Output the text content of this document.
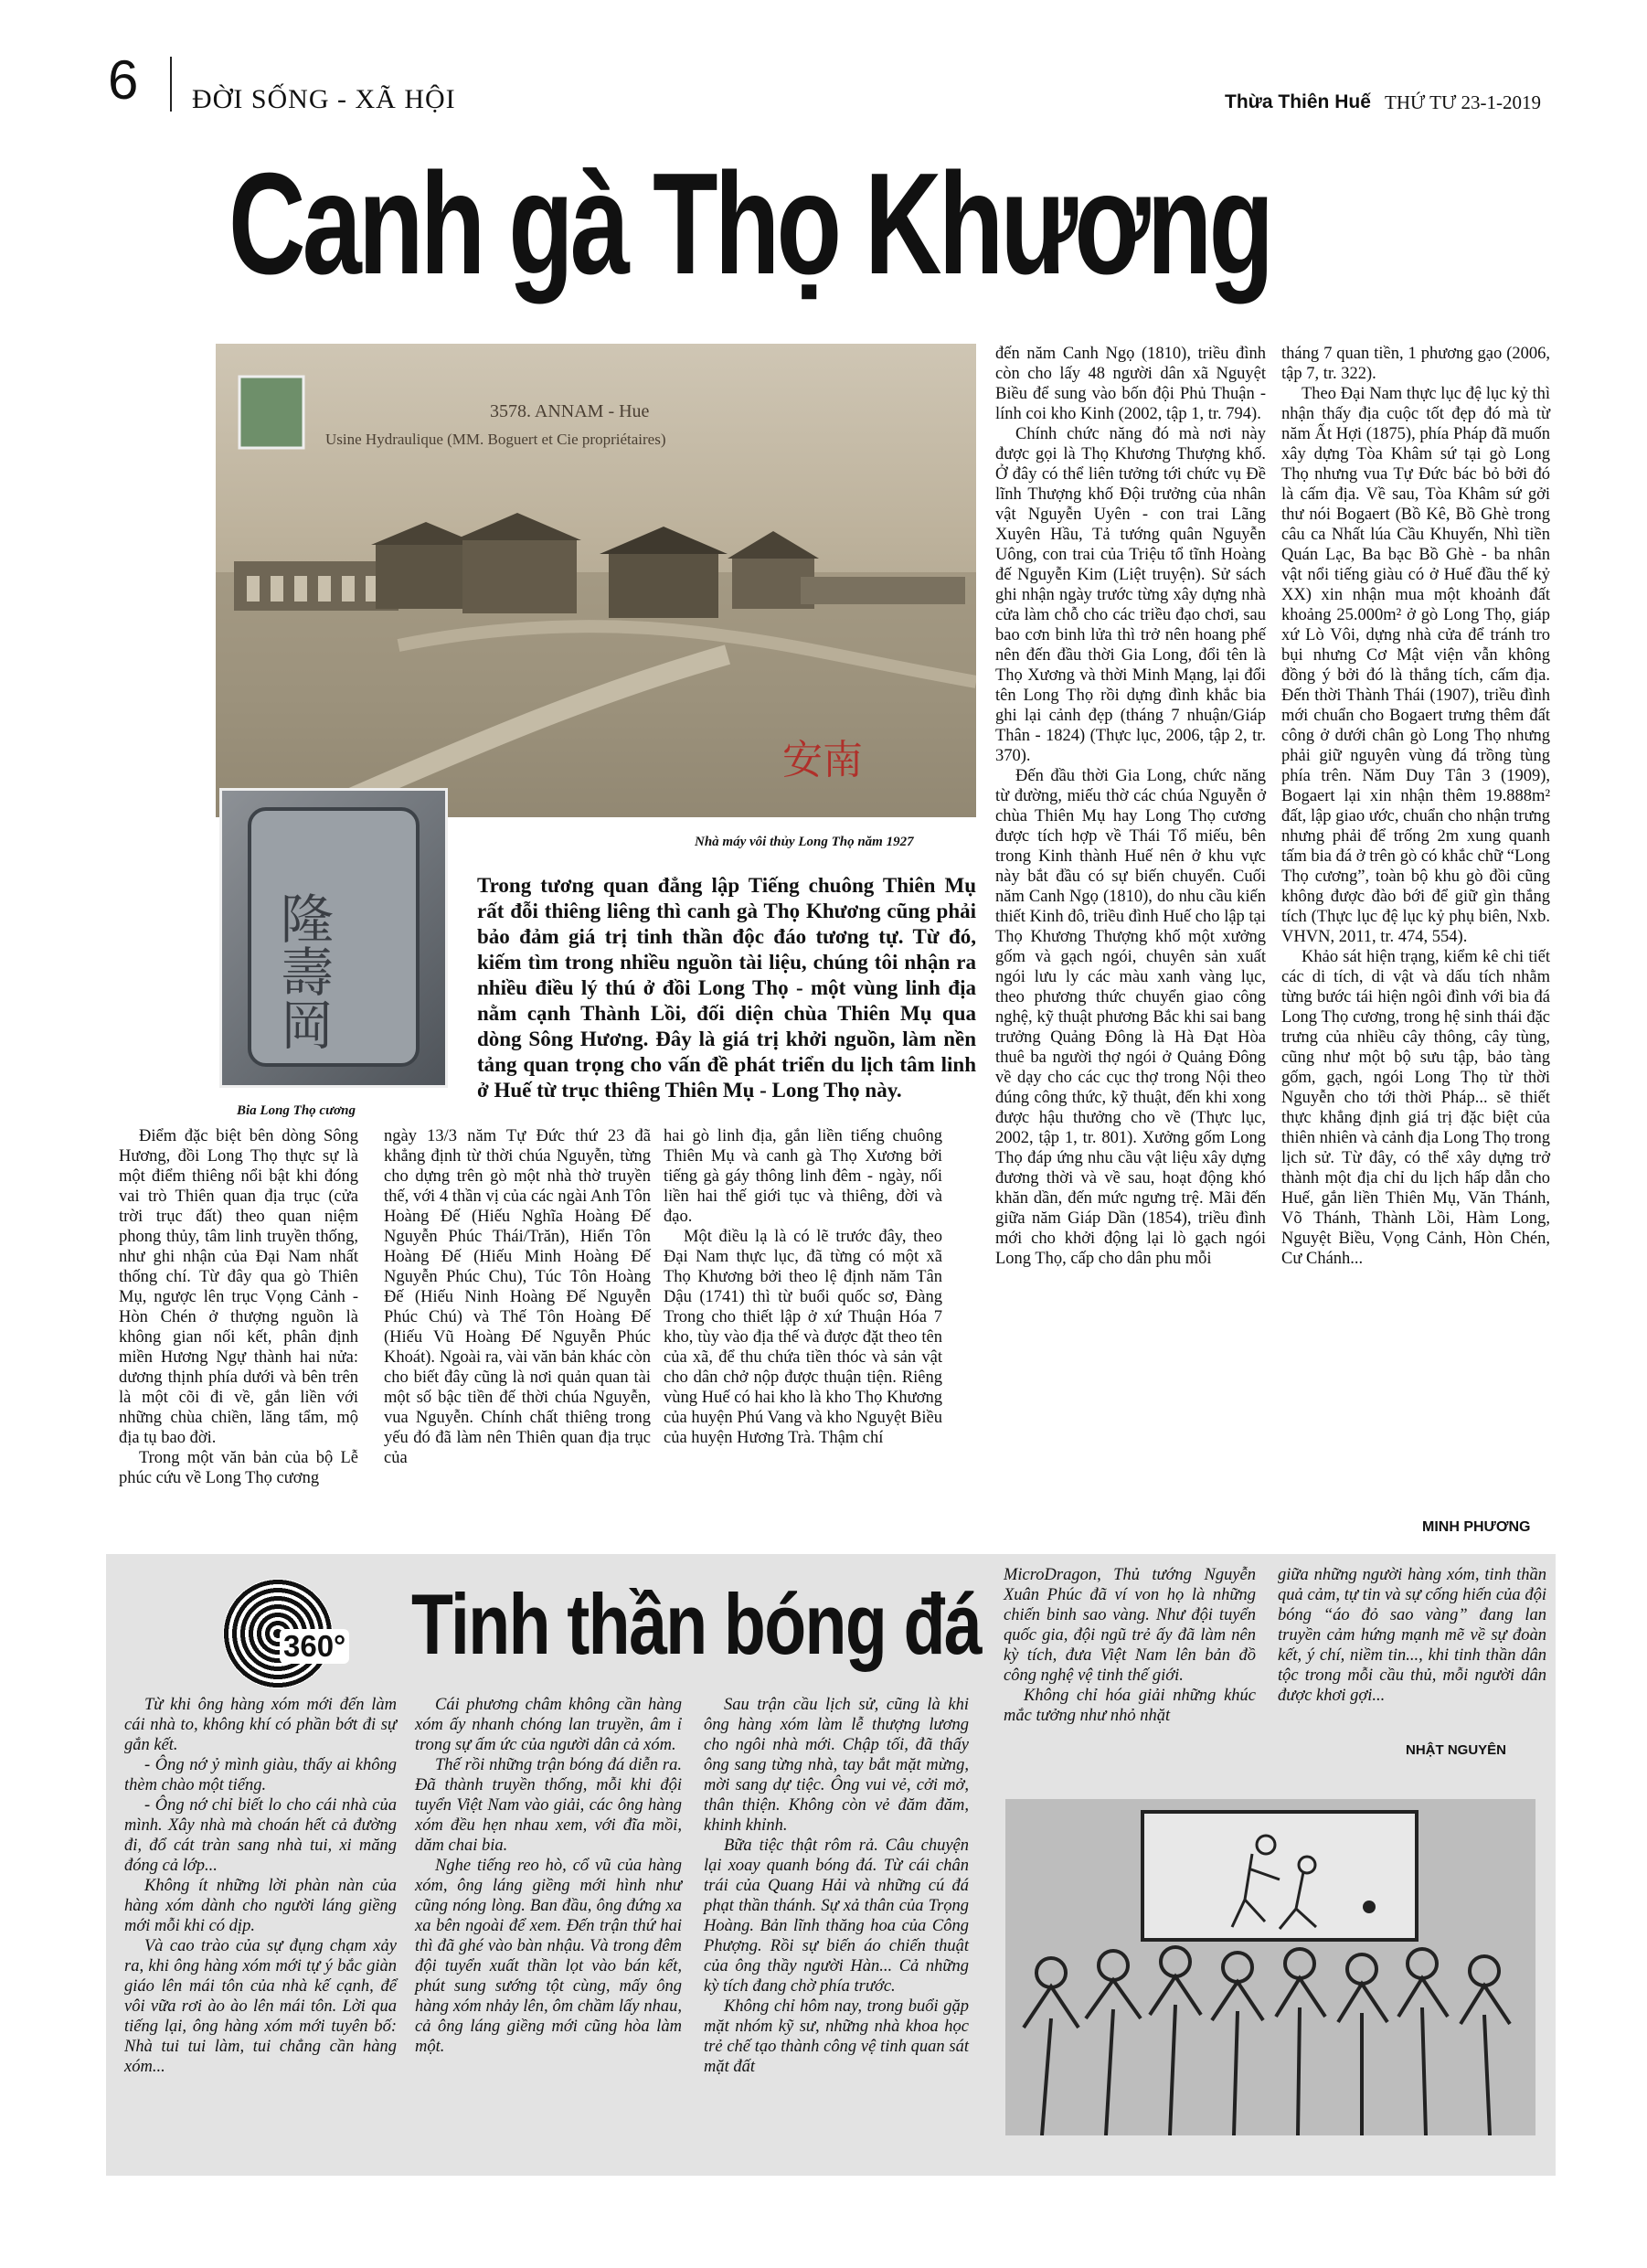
6 ĐỜI SỐNG - XÃ HỘI	Thừa Thiên Huế THỨ TƯ 23-1-2019
Canh gà Thọ Khương
3578. ANNAM - Hue
Usine Hydraulique (MM. Boguert et Cie propriétaires)
安南
Nhà máy vôi thủy Long Thọ năm 1927
隆壽岡
Bia Long Thọ cương
Trong tương quan đẳng lập Tiếng chuông Thiên Mụ rất đỗi thiêng liêng thì canh gà Thọ Khương cũng phải bảo đảm giá trị tinh thần độc đáo tương tự. Từ đó, kiếm tìm trong nhiều nguồn tài liệu, chúng tôi nhận ra nhiều điều lý thú ở đồi Long Thọ - một vùng linh địa nằm cạnh Thành Lồi, đối diện chùa Thiên Mụ qua dòng Sông Hương. Đây là giá trị khởi nguồn, làm nền tảng quan trọng cho vấn đề phát triển du lịch tâm linh ở Huế từ trục thiêng Thiên Mụ - Long Thọ này.

Điểm đặc biệt bên dòng Sông Hương, đồi Long Thọ thực sự là một điểm thiêng nổi bật khi đóng vai trò Thiên quan địa trục (cửa trời trục đất) theo quan niệm phong thủy, tâm linh truyền thống, như ghi nhận của Đại Nam nhất thống chí. Từ đây qua gò Thiên Mụ, ngược lên trục Vọng Cảnh - Hòn Chén ở thượng nguồn là không gian nối kết, phân định miền Hương Ngự thành hai nửa: dương thịnh phía dưới và bên trên là một cõi đi về, gắn liền với những chùa chiền, lăng tẩm, mộ địa tụ bao đời.

Trong một văn bản của bộ Lễ phúc cứu về Long Thọ cương

ngày 13/3 năm Tự Đức thứ 23 đã khẳng định từ thời chúa Nguyễn, từng cho dựng trên gò một nhà thờ truyền thế, với 4 thần vị của các ngài Anh Tôn Hoàng Đế (Hiếu Nghĩa Hoàng Đế Nguyễn Phúc Thái/Trăn), Hiển Tôn Hoàng Đế (Hiếu Minh Hoàng Đế Nguyễn Phúc Chu), Túc Tôn Hoàng Đế (Hiếu Ninh Hoàng Đế Nguyễn Phúc Chú) và Thế Tôn Hoàng Đế (Hiếu Vũ Hoàng Đế Nguyễn Phúc Khoát). Ngoài ra, vài văn bản khác còn cho biết đây cũng là nơi quản quan tài một số bậc tiền đế thời chúa Nguyễn, vua Nguyễn. Chính chất thiêng trong yếu đó đã làm nên Thiên quan địa trục của

hai gò linh địa, gắn liền tiếng chuông Thiên Mụ và canh gà Thọ Xương bởi tiếng gà gáy thông linh đêm - ngày, nối liền hai thế giới tục và thiêng, đời và đạo.

Một điều lạ là có lẽ trước đây, theo Đại Nam thực lục, đã từng có một xã Thọ Khương bởi theo lệ định năm Tân Dậu (1741) thì từ buổi quốc sơ, Đàng Trong cho thiết lập ở xứ Thuận Hóa 7 kho, tùy vào địa thế và được đặt theo tên của xã, để thu chứa tiền thóc và sản vật cho dân chở nộp được thuận tiện. Riêng vùng Huế có hai kho là kho Thọ Khương của huyện Phú Vang và kho Nguyệt Biều của huyện Hương Trà. Thậm chí

đến năm Canh Ngọ (1810), triều đình còn cho lấy 48 người dân xã Nguyệt Biều để sung vào bốn đội Phủ Thuận - lính coi kho Kinh (2002, tập 1, tr. 794).

Chính chức năng đó mà nơi này được gọi là Thọ Khương Thượng khố. Ở đây có thể liên tưởng tới chức vụ Đề lĩnh Thượng khố Đội trưởng của nhân vật Nguyễn Uyên - con trai Lãng Xuyên Hầu, Tả tướng quân Nguyễn Uông, con trai của Triệu tổ tĩnh Hoàng đế Nguyễn Kim (Liệt truyện). Sử sách ghi nhận ngày trước từng xây dựng nhà cửa làm chỗ cho các triều đạo chơi, sau bao cơn binh lửa thì trở nên hoang phế nên đến đầu thời Gia Long, đổi tên là Thọ Xương và thời Minh Mạng, lại đổi tên Long Thọ rồi dựng đình khắc bia ghi lại cảnh đẹp (tháng 7 nhuận/Giáp Thân - 1824) (Thực lục, 2006, tập 2, tr. 370).

Đến đầu thời Gia Long, chức năng từ đường, miếu thờ các chúa Nguyễn ở chùa Thiên Mụ hay Long Thọ cương được tích hợp về Thái Tổ miếu, bên trong Kinh thành Huế nên ở khu vực này bắt đầu có sự biến chuyển. Cuối năm Canh Ngọ (1810), do nhu cầu kiến thiết Kinh đô, triều đình Huế cho lập tại Thọ Khương Thượng khố một xưởng gốm và gạch ngói, chuyên sản xuất ngói lưu ly các màu xanh vàng lục, theo phương thức chuyển giao công nghệ, kỹ thuật phương Bắc khi sai bang trưởng Quảng Đông là Hà Đạt Hòa thuê ba người thợ ngói ở Quảng Đông về dạy cho các cục thợ trong Nội theo đúng công thức, kỹ thuật, đến khi xong được hậu thưởng cho về (Thực lục, 2002, tập 1, tr. 801). Xưởng gốm Long Thọ đáp ứng nhu cầu vật liệu xây dựng đương thời và về sau, hoạt động khó khăn dần, đến mức ngưng trệ. Mãi đến giữa năm Giáp Dần (1854), triều đình mới cho khởi động lại lò gạch ngói Long Thọ, cấp cho dân phu mỗi

tháng 7 quan tiền, 1 phương gạo (2006, tập 7, tr. 322).

Theo Đại Nam thực lục đệ lục kỷ thì nhận thấy địa cuộc tốt đẹp đó mà từ năm Ất Hợi (1875), phía Pháp đã muốn xây dựng Tòa Khâm sứ tại gò Long Thọ nhưng vua Tự Đức bác bỏ bởi đó là cấm địa. Về sau, Tòa Khâm sứ gởi thư nói Bogaert (Bồ Kê, Bồ Ghè trong câu ca Nhất lúa Cầu Khuyến, Nhì tiền Quán Lạc, Ba bạc Bồ Ghè - ba nhân vật nổi tiếng giàu có ở Huế đầu thế kỷ XX) xin nhận mua một khoảnh đất khoảng 25.000m² ở gò Long Thọ, giáp xứ Lò Vôi, dựng nhà cửa để tránh tro bụi nhưng Cơ Mật viện vẫn không đồng ý bởi đó là thắng tích, cấm địa. Đến thời Thành Thái (1907), triều đình mới chuẩn cho Bogaert trưng thêm đất công ở dưới chân gò Long Thọ nhưng phải giữ nguyên vùng đá trồng tùng phía trên. Năm Duy Tân 3 (1909), Bogaert lại xin nhận thêm 19.888m² đất, lập giao ước, chuẩn cho nhận trưng nhưng phải để trống 2m xung quanh tấm bia đá ở trên gò có khắc chữ “Long Thọ cương”, toàn bộ khu gò đồi cũng không được đào bới để giữ gìn thắng tích (Thực lục đệ lục kỷ phụ biên, Nxb. VHVN, 2011, tr. 474, 554).

Khảo sát hiện trạng, kiểm kê chi tiết các di tích, di vật và dấu tích nhằm từng bước tái hiện ngôi đình với bia đá Long Thọ cương, trong hệ sinh thái đặc trưng của nhiều cây thông, cây tùng, cũng như một bộ sưu tập, bảo tàng gốm, gạch, ngói Long Thọ từ thời Nguyễn cho tới thời Pháp... sẽ thiết thực khẳng định giá trị đặc biệt của thiên nhiên và cảnh địa Long Thọ trong lịch sử. Từ đây, có thể xây dựng trở thành một địa chỉ du lịch hấp dẫn cho Huế, gắn liền Thiên Mụ, Văn Thánh, Võ Thánh, Thành Lồi, Hàm Long, Nguyệt Biều, Vọng Cảnh, Hòn Chén, Cư Chánh...

MINH PHƯƠNG
360° Tinh thần bóng đá

Từ khi ông hàng xóm mới đến làm cái nhà to, không khí có phần bớt đi sự gắn kết.

- Ông nớ ỷ mình giàu, thấy ai không thèm chào một tiếng.

- Ông nớ chỉ biết lo cho cái nhà của mình. Xây nhà mà choán hết cả đường đi, đổ cát tràn sang nhà tui, xi măng đóng cả lớp...

Không ít những lời phàn nàn của hàng xóm dành cho người láng giềng mới mỗi khi có dịp.

Và cao trào của sự đụng chạm xảy ra, khi ông hàng xóm mới tự ý bắc giàn giáo lên mái tôn của nhà kế cạnh, để vôi vữa rơi ào ào lên mái tôn. Lời qua tiếng lại, ông hàng xóm mới tuyên bố: Nhà tui tui làm, tui chẳng cần hàng xóm...

Cái phương châm không cần hàng xóm ấy nhanh chóng lan truyền, âm ỉ trong sự ấm ức của người dân cả xóm.

Thế rồi những trận bóng đá diễn ra. Đã thành truyền thống, mỗi khi đội tuyển Việt Nam vào giải, các ông hàng xóm đều hẹn nhau xem, với đĩa mồi, dăm chai bia.

Nghe tiếng reo hò, cổ vũ của hàng xóm, ông láng giềng mới hình như cũng nóng lòng. Ban đầu, ông đứng xa xa bên ngoài để xem. Đến trận thứ hai thì đã ghé vào bàn nhậu. Và trong đêm đội tuyển xuất thần lọt vào bán kết, phút sung sướng tột cùng, mấy ông hàng xóm nhảy lên, ôm chầm lấy nhau, cả ông láng giềng mới cũng hòa làm một.

Sau trận cầu lịch sử, cũng là khi ông hàng xóm làm lễ thượng lương cho ngôi nhà mới. Chập tối, đã thấy ông sang từng nhà, tay bắt mặt mừng, mời sang dự tiệc. Ông vui vẻ, cởi mở, thân thiện. Không còn vẻ đăm đăm, khinh khỉnh.

Bữa tiệc thật rôm rả. Câu chuyện lại xoay quanh bóng đá. Từ cái chân trái của Quang Hải và những cú đá phạt thần thánh. Sự xả thân của Trọng Hoàng. Bản lĩnh thăng hoa của Công Phượng. Rồi sự biến áo chiến thuật của ông thầy người Hàn... Cả những kỳ tích đang chờ phía trước.

Không chỉ hôm nay, trong buổi gặp mặt nhóm kỹ sư, những nhà khoa học trẻ chế tạo thành công vệ tinh quan sát mặt đất

MicroDragon, Thủ tướng Nguyễn Xuân Phúc đã ví von họ là những chiến binh sao vàng. Như đội tuyển quốc gia, đội ngũ trẻ ấy đã làm nên kỳ tích, đưa Việt Nam lên bản đồ công nghệ vệ tinh thế giới.

Không chỉ hóa giải những khúc mắc tưởng như nhỏ nhặt

giữa những người hàng xóm, tinh thần quả cảm, tự tin và sự cống hiến của đội bóng “áo đỏ sao vàng” đang lan truyền cảm hứng mạnh mẽ về sự đoàn kết, ý chí, niềm tin..., khi tinh thần dân tộc trong mỗi cầu thủ, mỗi người dân được khơi gợi...

NHẬT NGUYÊN
